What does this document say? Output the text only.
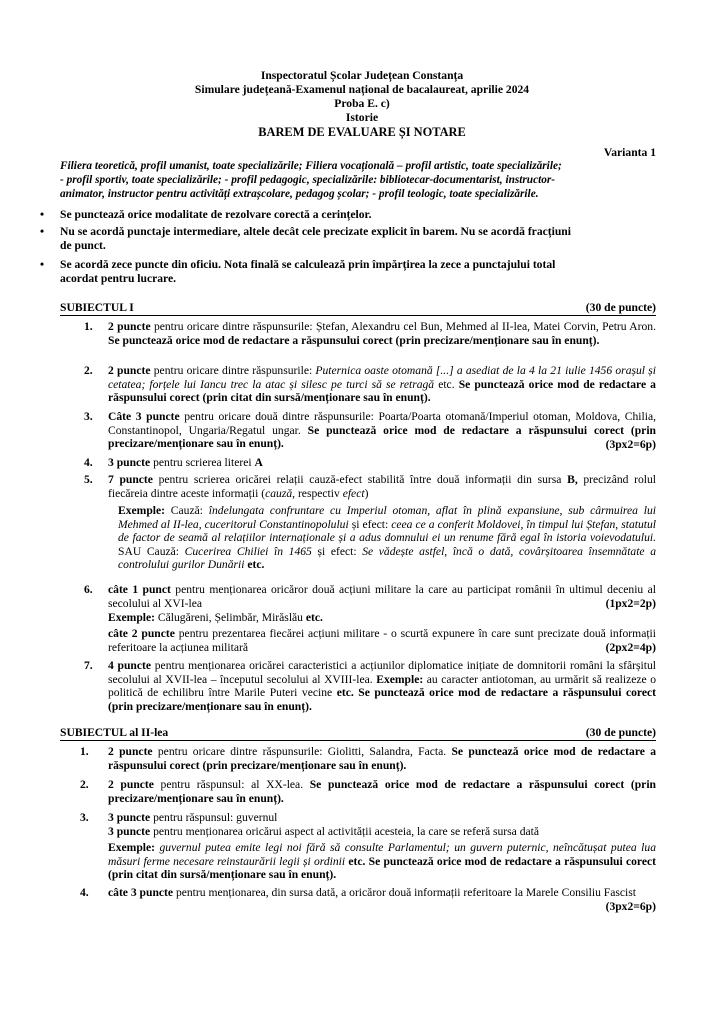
Inspectoratul Școlar Județean Constanța
Simulare județeană-Examenul național de bacalaureat, aprilie 2024
Proba E. c)
Istorie
BAREM DE EVALUARE ȘI NOTARE
Varianta 1
Filiera teoretică, profil umanist, toate specializările; Filiera vocațională – profil artistic, toate specializările;
- profil sportiv, toate specializările; - profil pedagogic, specializările: bibliotecar-documentarist, instructor-
animator, instructor pentru activități extrașcolare, pedagog școlar; - profil teologic, toate specializările.
• Se punctează orice modalitate de rezolvare corectă a cerințelor.
• Nu se acordă punctaje intermediare, altele decât cele precizate explicit în barem. Nu se acordă fracțiuni
de punct.
• Se acordă zece puncte din oficiu. Nota finală se calculează prin împărțirea la zece a punctajului total
acordat pentru lucrare.
SUBIECTUL I	(30 de puncte)
1. 2 puncte pentru oricare dintre răspunsurile: Ștefan, Alexandru cel Bun, Mehmed al II-lea, Matei Corvin, Petru Aron. Se punctează orice mod de redactare a răspunsului corect (prin precizare/menționare sau în enunț).
2. 2 puncte pentru oricare dintre răspunsurile: Puternica oaste otomană [...] a asediat de la 4 la 21 iulie 1456 orașul și cetatea; forțele lui Iancu trec la atac și silesc pe turci să se retragă etc. Se punctează orice mod de redactare a răspunsului corect (prin citat din sursă/menționare sau în enunț).
3. Câte 3 puncte pentru oricare două dintre răspunsurile: Poarta/Poarta otomană/Imperiul otoman, Moldova, Chilia, Constantinopol, Ungaria/Regatul ungar. Se punctează orice mod de redactare a răspunsului corect (prin precizare/menționare sau în enunț).	(3px2=6p)
4. 3 puncte pentru scrierea literei A
5. 7 puncte pentru scrierea oricărei relații cauză-efect stabilită între două informații din sursa B, precizând rolul fiecăreia dintre aceste informații (cauză, respectiv efect)
Exemple: Cauză: îndelungata confruntare cu Imperiul otoman, aflat în plină expansiune, sub cârmuirea lui Mehmed al II-lea, cuceritorul Constantinopolului și efect: ceea ce a conferit Moldovei, în timpul lui Ștefan, statutul de factor de seamă al relațiilor internaționale și a adus domnului ei un renume fără egal în istoria voievodatului. SAU Cauză: Cucerirea Chiliei în 1465 și efect: Se vădește astfel, încă o dată, covârșitoarea însemnătate a controlului gurilor Dunării etc.
6. câte 1 punct pentru menționarea oricăror două acțiuni militare la care au participat românii în ultimul deceniu al secolului al XVI-lea	(1px2=2p)
Exemple: Călugăreni, Șelimbăr, Mirăslău etc.
câte 2 puncte pentru prezentarea fiecărei acțiuni militare - o scurtă expunere în care sunt precizate două informații referitoare la acțiunea militară	(2px2=4p)
7. 4 puncte pentru menționarea oricărei caracteristici a acțiunilor diplomatice inițiate de domnitorii români la sfârșitul secolului al XVII-lea – începutul secolului al XVIII-lea. Exemple: au caracter antiotoman, au urmărit să realizeze o politică de echilibru între Marile Puteri vecine etc. Se punctează orice mod de redactare a răspunsului corect (prin precizare/menționare sau în enunț).
SUBIECTUL al II-lea	(30 de puncte)
1. 2 puncte pentru oricare dintre răspunsurile: Giolitti, Salandra, Facta. Se punctează orice mod de redactare a răspunsului corect (prin precizare/menționare sau în enunț).
2. 2 puncte pentru răspunsul: al XX-lea. Se punctează orice mod de redactare a răspunsului corect (prin precizare/menționare sau în enunț).
3. 3 puncte pentru răspunsul: guvernul
3 puncte pentru menționarea oricărui aspect al activității acesteia, la care se referă sursa dată
Exemple: guvernul putea emite legi noi fără să consulte Parlamentul; un guvern puternic, neîncătușat putea lua măsuri ferme necesare reinstaurării legii și ordinii etc. Se punctează orice mod de redactare a răspunsului corect (prin citat din sursă/menționare sau în enunț).
4. câte 3 puncte pentru menționarea, din sursa dată, a oricăror două informații referitoare la Marele Consiliu Fascist
(3px2=6p)
